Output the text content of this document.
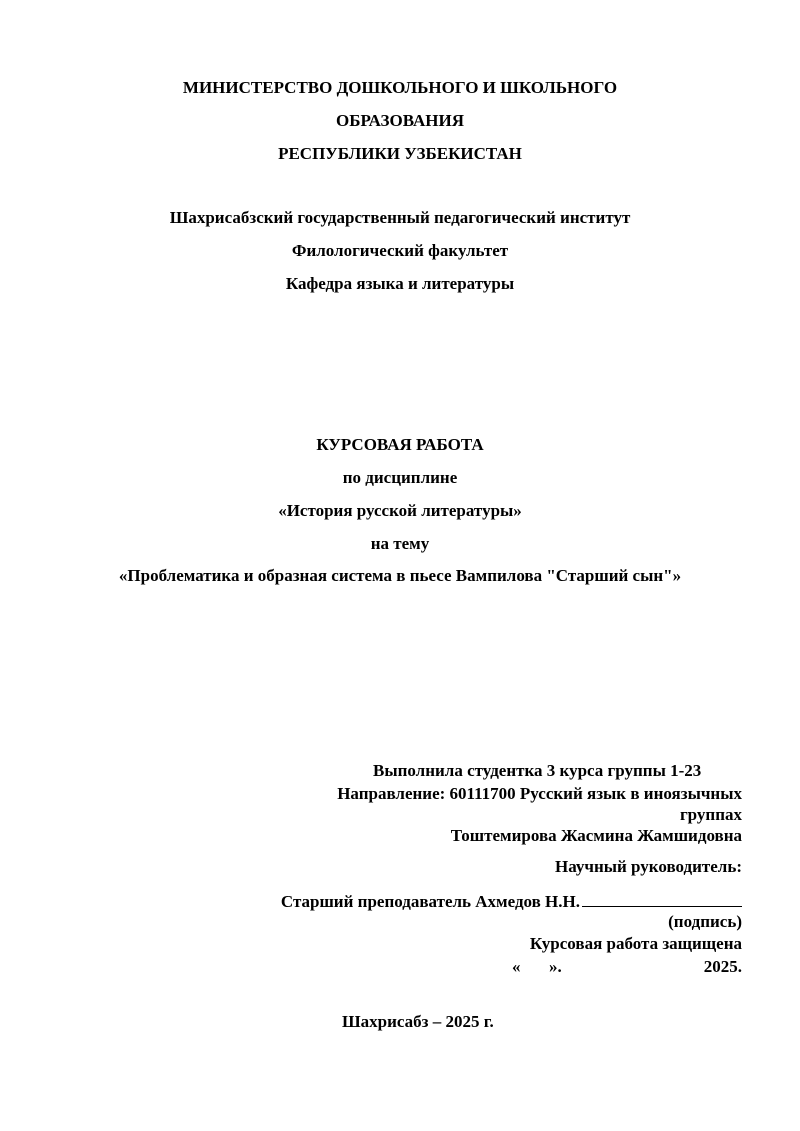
МИНИСТЕРСТВО ДОШКОЛЬНОГО И ШКОЛЬНОГО
ОБРАЗОВАНИЯ
РЕСПУБЛИКИ УЗБЕКИСТАН
Шахрисабзский государственный педагогический институт
Филологический факультет
Кафедра языка и литературы
КУРСОВАЯ РАБОТА
по дисциплине
«История русской литературы»
на тему
«Проблематика и образная система в пьесе Вампилова "Старший сын"»
Выполнила студентка 3 курса группы 1-23
Направление: 60111700 Русский язык в иноязычных
группах
Тоштемирова Жасмина Жамшидовна
Научный руководитель:
Старший преподаватель Ахмедов Н.Н.
(подпись)
Курсовая работа защищена
« ».	2025.
Шахрисабз – 2025 г.
